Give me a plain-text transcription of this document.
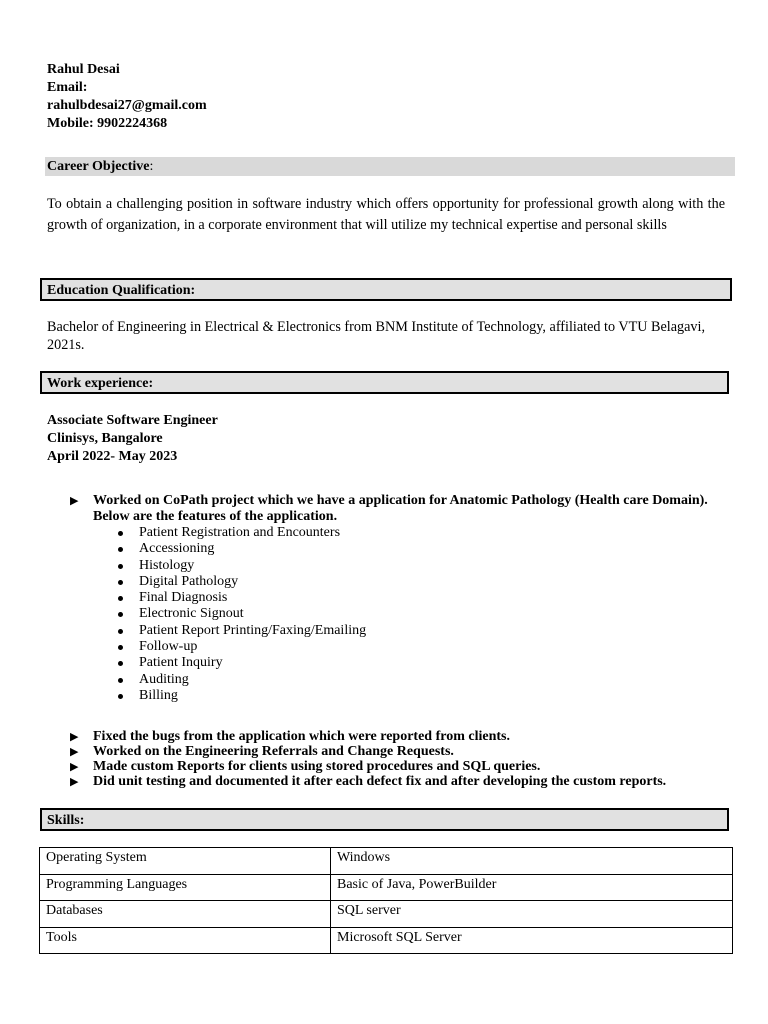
Rahul Desai
Email:
rahulbdesai27@gmail.com
Mobile: 9902224368
Career Objective:
To obtain a challenging position in software industry which offers opportunity for professional growth along with the growth of organization, in a corporate environment that will utilize my technical expertise and personal skills
Education Qualification:
Bachelor of Engineering in Electrical & Electronics from BNM Institute of Technology, affiliated to VTU Belagavi, 2021s.
Work experience:
Associate Software Engineer
Clinisys, Bangalore
April 2022- May 2023
▶ Worked on CoPath project which we have a application for Anatomic Pathology (Health care Domain). Below are the features of the application.
Patient Registration and Encounters
Accessioning
Histology
Digital Pathology
Final Diagnosis
Electronic Signout
Patient Report Printing/Faxing/Emailing
Follow-up
Patient Inquiry
Auditing
Billing
▶ Fixed the bugs from the application which were reported from clients.
▶ Worked on the Engineering Referrals and Change Requests.
▶ Made custom Reports for clients using stored procedures and SQL queries.
▶ Did unit testing and documented it after each defect fix and after developing the custom reports.
Skills:
Operating System	Windows
Programming Languages	Basic of Java, PowerBuilder
Databases	SQL server
Tools	Microsoft SQL Server
